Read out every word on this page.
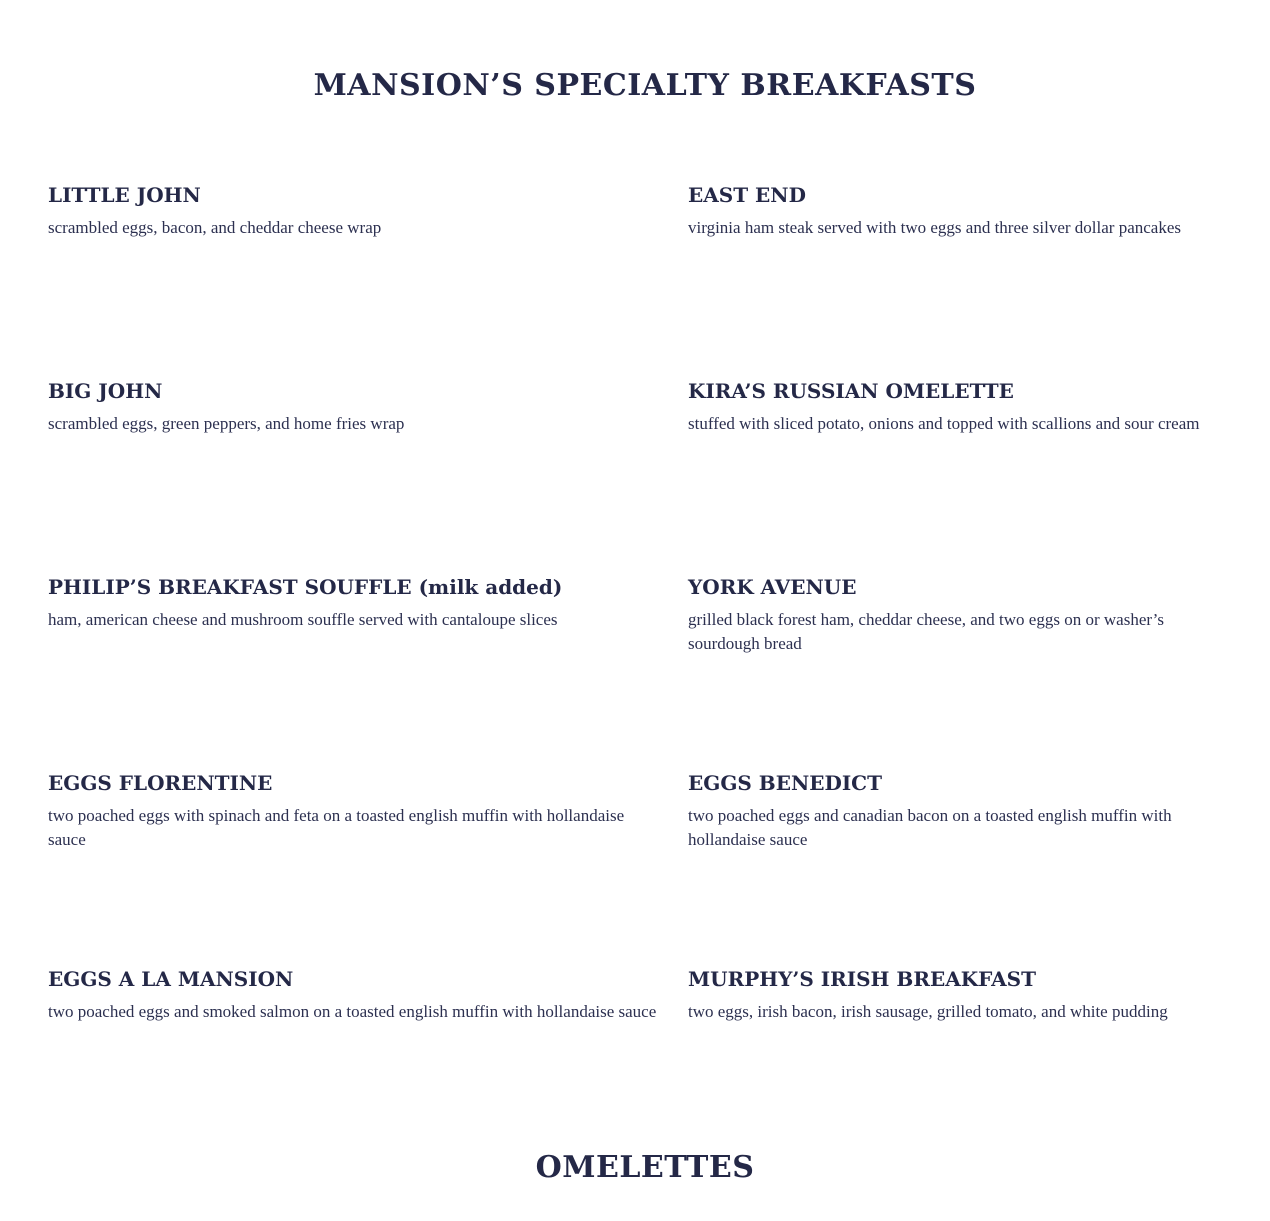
MANSION’S SPECIALTY BREAKFASTS
LITTLE JOHN

scrambled eggs, bacon, and cheddar cheese wrap

EAST END

virginia ham steak served with two eggs and three silver dollar pancakes

BIG JOHN

scrambled eggs, green peppers, and home fries wrap

KIRA’S RUSSIAN OMELETTE

stuffed with sliced potato, onions and topped with scallions and sour cream

PHILIP’S BREAKFAST SOUFFLE (milk added)

ham, american cheese and mushroom souffle served with cantaloupe slices

YORK AVENUE

grilled black forest ham, cheddar cheese, and two eggs on or washer’s sourdough bread

EGGS FLORENTINE

two poached eggs with spinach and feta on a toasted english muffin with hollandaise sauce

EGGS BENEDICT

two poached eggs and canadian bacon on a toasted english muffin with hollandaise sauce

EGGS A LA MANSION

two poached eggs and smoked salmon on a toasted english muffin with hollandaise sauce

MURPHY’S IRISH BREAKFAST

two eggs, irish bacon, irish sausage, grilled tomato, and white pudding

OMELETTES
